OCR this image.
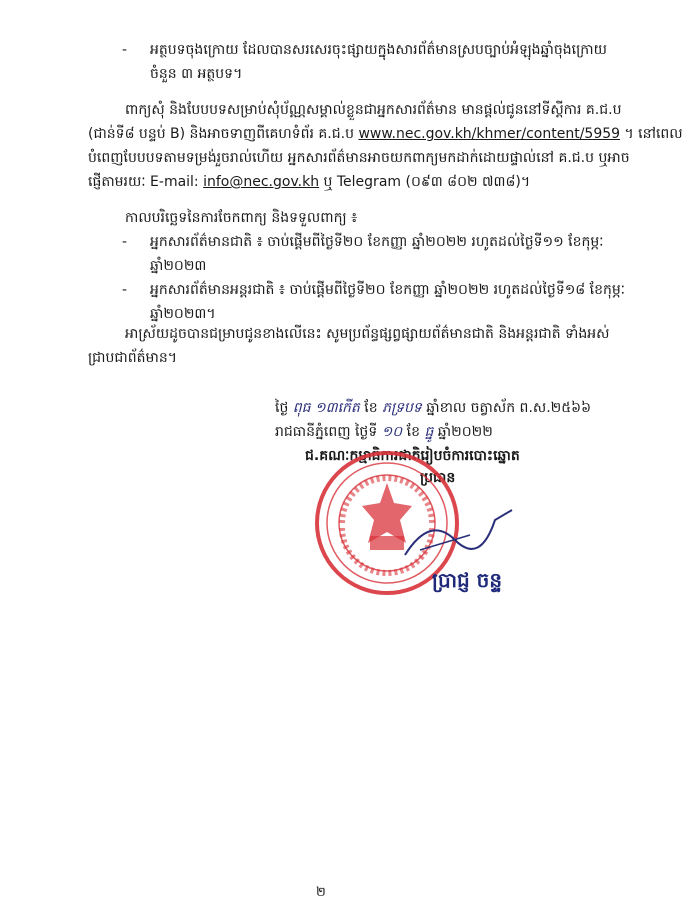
- អត្ថបទចុងក្រោយ ដែលបានសរសេរចុះផ្សាយក្នុងសារព័ត៌មានស្របច្បាប់អំឡុងឆ្នាំចុងក្រោយ
ចំនួន ៣ អត្ថបទ។
ពាក្យសុំ និងបែបបទសម្រាប់សុំប័ណ្ណសម្គាល់ខ្លួនជាអ្នកសារព័ត៌មាន មានផ្ដល់ជូននៅទីស្ដីការ គ.ជ.ប
(ជាន់ទី៨ បន្ទប់ B) និងអាចទាញពីគេហទំព័រ គ.ជ.ប www.nec.gov.kh/khmer/content/5959 ។ នៅពេល
បំពេញបែបបទតាមទម្រង់រួចរាល់ហើយ អ្នកសារព័ត៌មានអាចយកពាក្យមកដាក់ដោយផ្ទាល់នៅ គ.ជ.ប ឬអាច
ផ្ញើតាមរយៈ E-mail: info@nec.gov.kh ឬ Telegram (០៩៣ ៨០២ ៧៣៨)។
កាលបរិច្ឆេទនៃការចែកពាក្យ និងទទួលពាក្យ ៖
- អ្នកសារព័ត៌មានជាតិ ៖ ចាប់ផ្ដើមពីថ្ងៃទី២០ ខែកញ្ញា ឆ្នាំ២០២២ រហូតដល់ថ្ងៃទី១១ ខែកុម្ភៈ
ឆ្នាំ២០២៣
- អ្នកសារព័ត៌មានអន្តរជាតិ ៖ ចាប់ផ្ដើមពីថ្ងៃទី២០ ខែកញ្ញា ឆ្នាំ២០២២ រហូតដល់ថ្ងៃទី១៨ ខែកុម្ភៈ
ឆ្នាំ២០២៣។
អាស្រ័យដូចបានជម្រាបជូនខាងលើនេះ សូមប្រព័ន្ធផ្សព្វផ្សាយព័ត៌មានជាតិ និងអន្តរជាតិ ទាំងអស់
ជ្រាបជាព័ត៌មាន។
ថ្ងៃ ពុធ ១៣កើត ខែ ភទ្របទ ឆ្នាំខាល ចត្វាស័ក ព.ស.២៥៦៦
រាជធានីភ្នំពេញ ថ្ងៃទី ១០ ខែ ធ្នូ ឆ្នាំ២០២២
ជ.គណៈកម្មាធិការជាតិរៀបចំការបោះឆ្នោត
ប្រធាន
ប្រាជ្ញ ចន្ទ
២
